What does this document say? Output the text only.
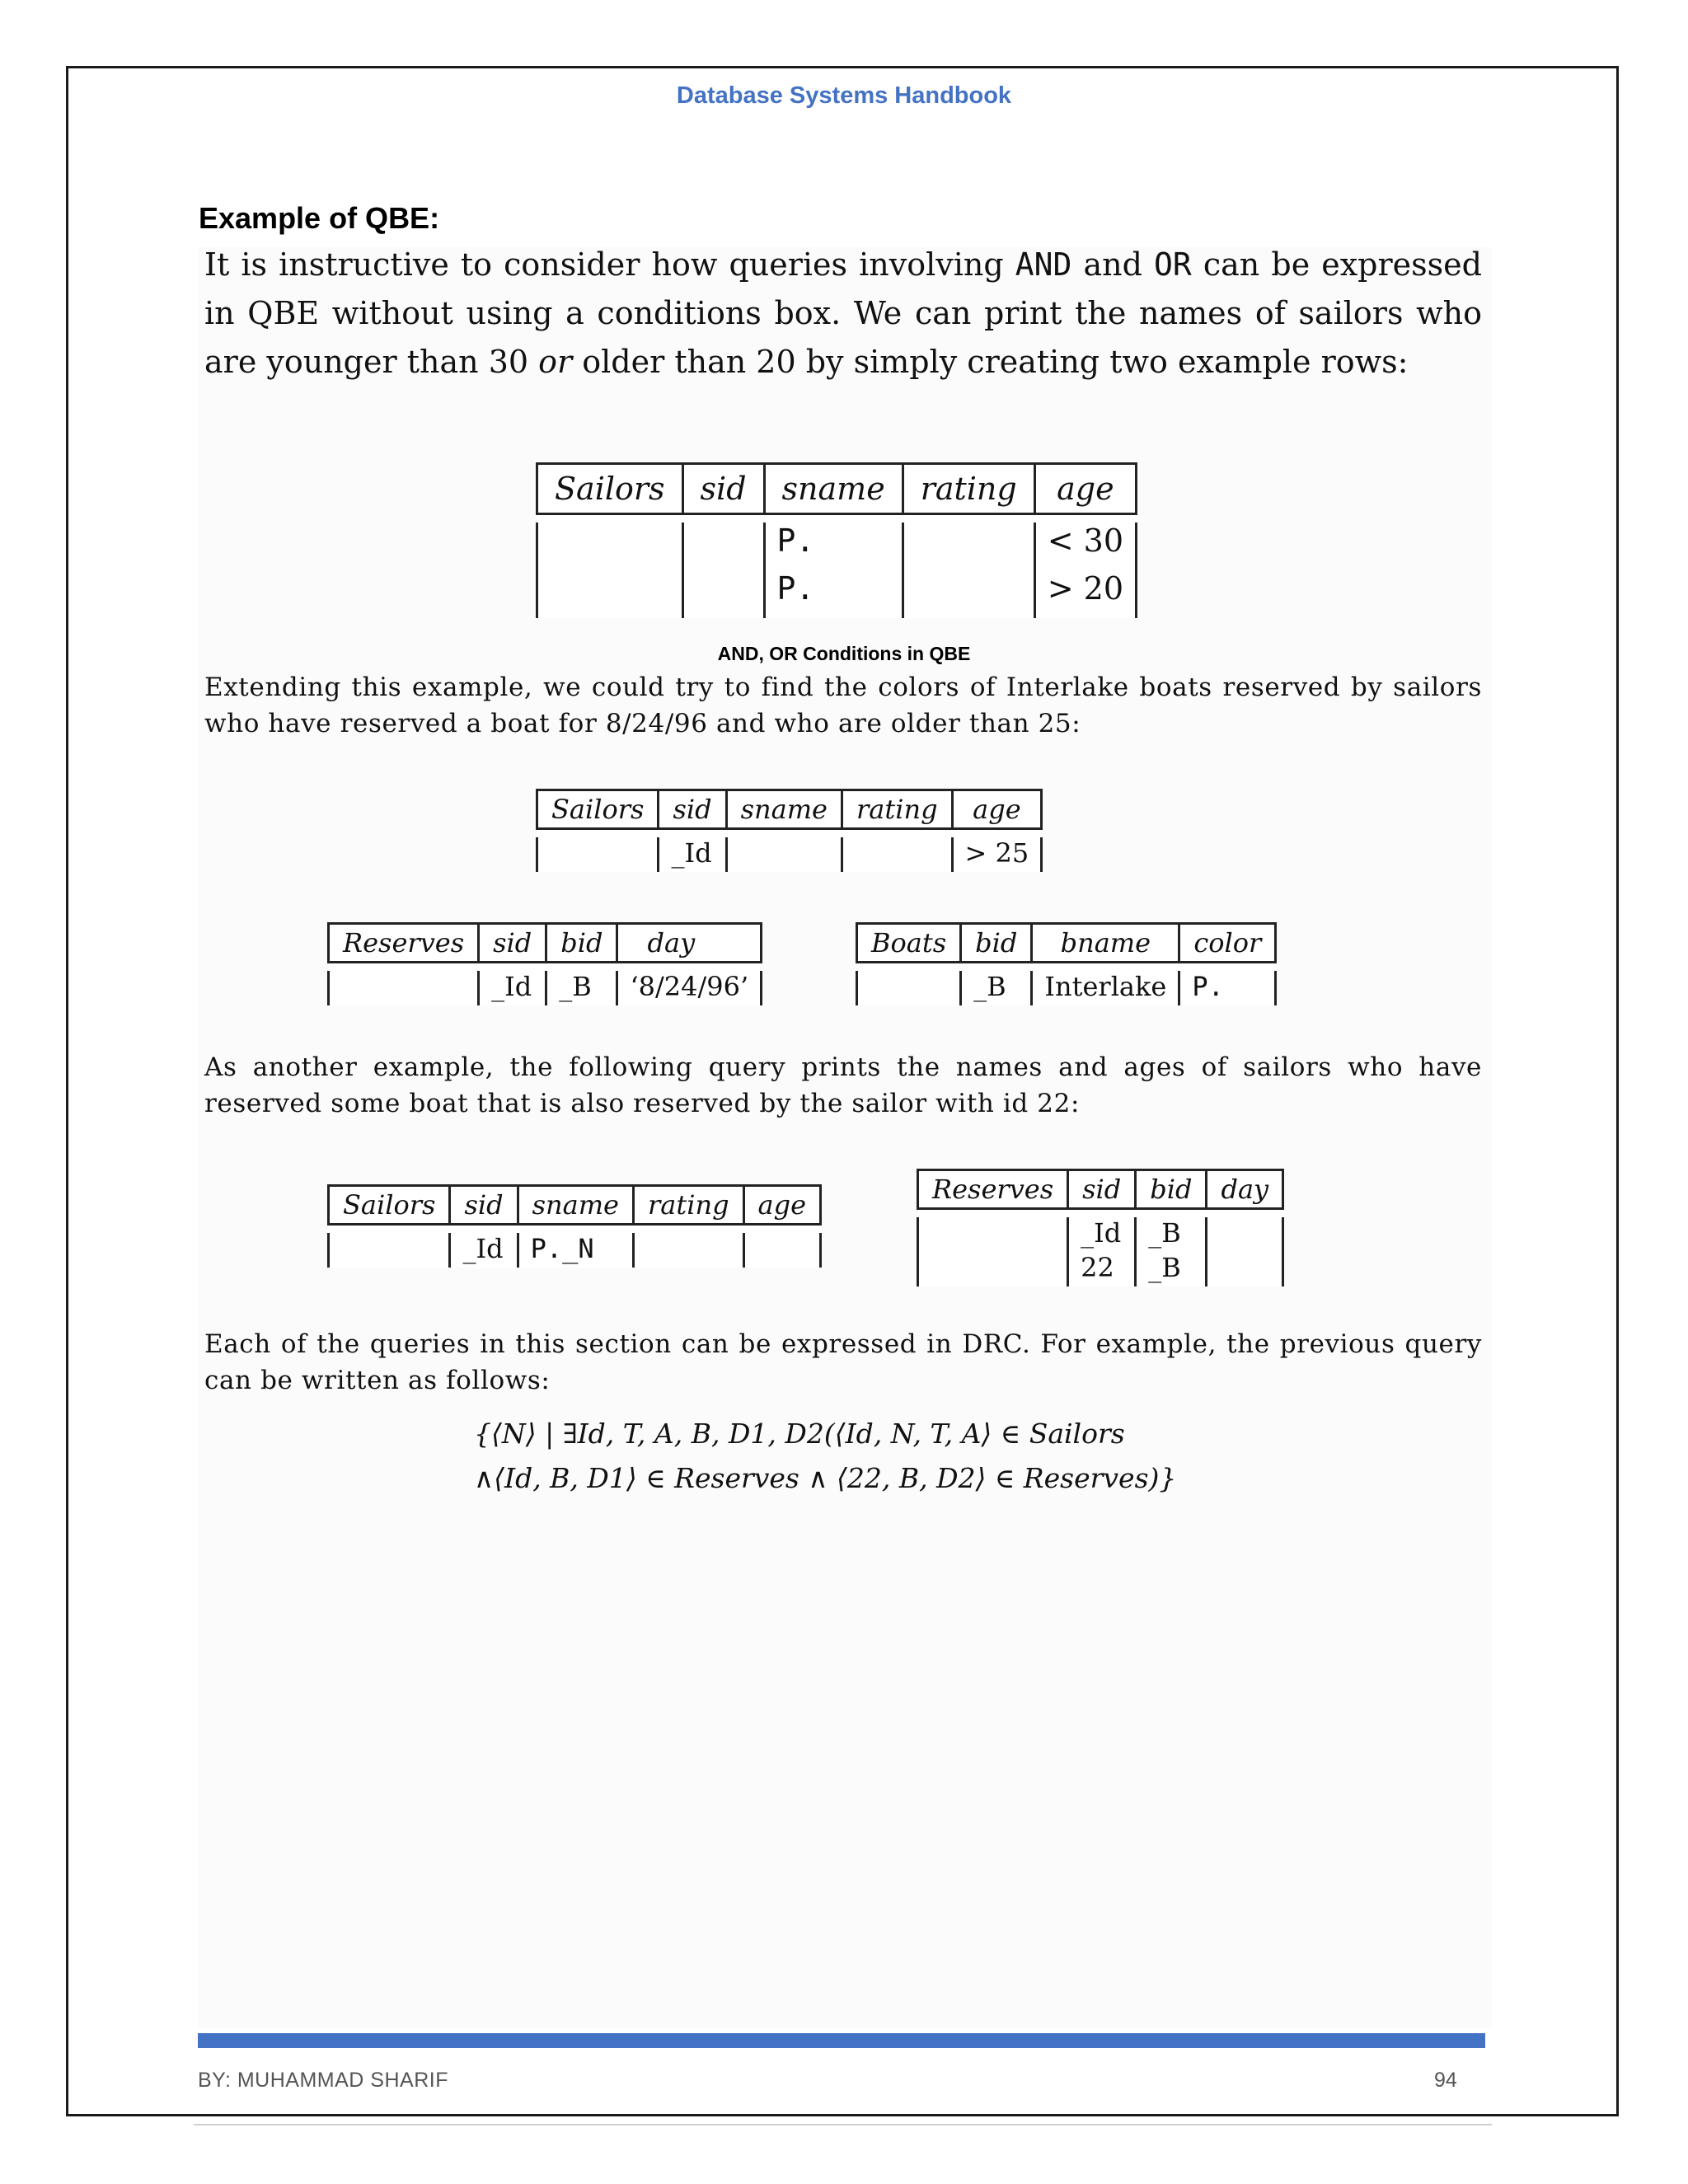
Database Systems Handbook
Example of QBE:
It is instructive to consider how queries involving AND and OR can be expressed in QBE without using a conditions box. We can print the names of sailors who are younger than 30 or older than 20 by simply creating two example rows:
Sailors	sid	sname	rating	age

		P.		< 30
		P.		> 20
AND, OR Conditions in QBE
Extending this example, we could try to find the colors of Interlake boats reserved by sailors who have reserved a boat for 8/24/96 and who are older than 25:
Sailors	sid	sname	rating	age

	_Id			> 25
Reserves	sid	bid	day

	_Id	_B	‘8/24/96’
Boats	bid	bname	color

	_B	Interlake	P.
As another example, the following query prints the names and ages of sailors who have reserved some boat that is also reserved by the sailor with id 22:
Sailors	sid	sname	rating	age

	_Id	P._N		
Reserves	sid	bid	day

	_Id	_B	
	22	_B	
Each of the queries in this section can be expressed in DRC. For example, the previous query can be written as follows:
{⟨N⟩ | ∃Id, T, A, B, D1, D2(⟨Id, N, T, A⟩ ∈ Sailors
∧⟨Id, B, D1⟩ ∈ Reserves ∧ ⟨22, B, D2⟩ ∈ Reserves)}
BY: MUHAMMAD SHARIF	94
